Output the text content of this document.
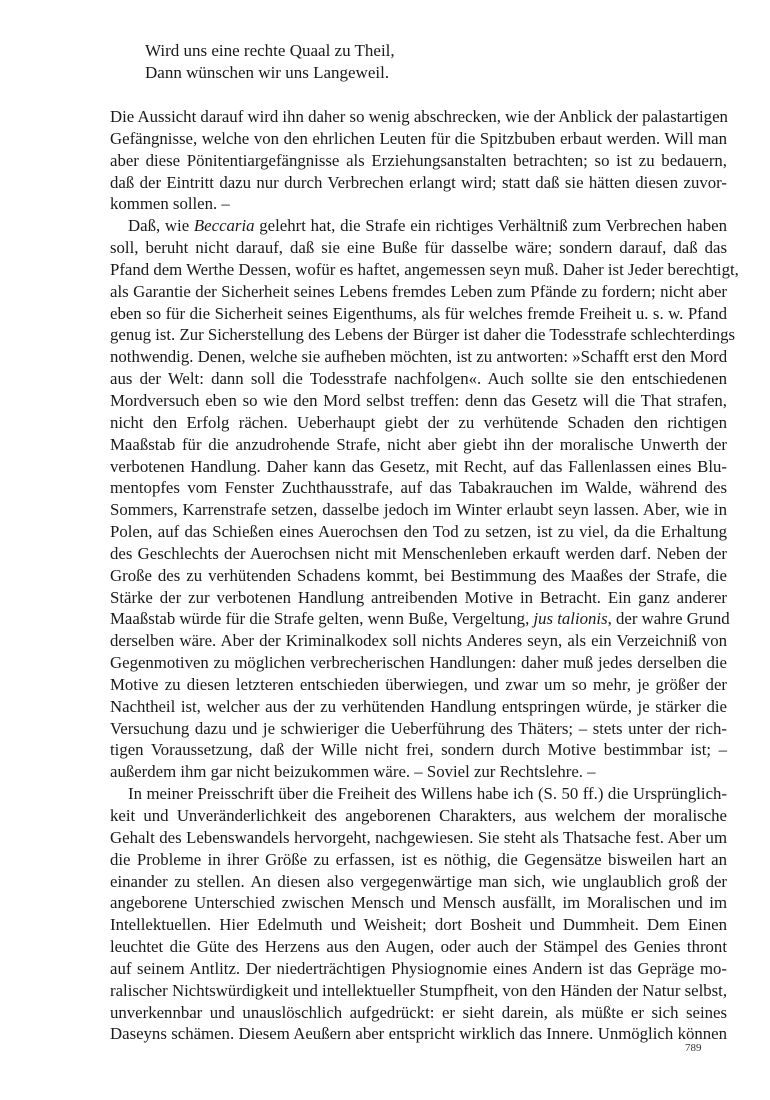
Wird uns eine rechte Quaal zu Theil,
Dann wünschen wir uns Langeweil.
Die Aussicht darauf wird ihn daher so wenig abschrecken, wie der Anblick der palastartigen
Gefängnisse, welche von den ehrlichen Leuten für die Spitzbuben erbaut werden. Will man
aber diese Pönitentiargefängnisse als Erziehungsanstalten betrachten; so ist zu bedauern,
daß der Eintritt dazu nur durch Verbrechen erlangt wird; statt daß sie hätten diesen zuvor-
kommen sollen. –
Daß, wie Beccaria gelehrt hat, die Strafe ein richtiges Verhältniß zum Verbrechen haben
soll, beruht nicht darauf, daß sie eine Buße für dasselbe wäre; sondern darauf, daß das
Pfand dem Werthe Dessen, wofür es haftet, angemessen seyn muß. Daher ist Jeder berechtigt,
als Garantie der Sicherheit seines Lebens fremdes Leben zum Pfände zu fordern; nicht aber
eben so für die Sicherheit seines Eigenthums, als für welches fremde Freiheit u. s. w. Pfand
genug ist. Zur Sicherstellung des Lebens der Bürger ist daher die Todesstrafe schlechterdings
nothwendig. Denen, welche sie aufheben möchten, ist zu antworten: »Schafft erst den Mord
aus der Welt: dann soll die Todesstrafe nachfolgen«. Auch sollte sie den entschiedenen
Mordversuch eben so wie den Mord selbst treffen: denn das Gesetz will die That strafen,
nicht den Erfolg rächen. Ueberhaupt giebt der zu verhütende Schaden den richtigen
Maaßstab für die anzudrohende Strafe, nicht aber giebt ihn der moralische Unwerth der
verbotenen Handlung. Daher kann das Gesetz, mit Recht, auf das Fallenlassen eines Blu-
mentopfes vom Fenster Zuchthausstrafe, auf das Tabakrauchen im Walde, während des
Sommers, Karrenstrafe setzen, dasselbe jedoch im Winter erlaubt seyn lassen. Aber, wie in
Polen, auf das Schießen eines Auerochsen den Tod zu setzen, ist zu viel, da die Erhaltung
des Geschlechts der Auerochsen nicht mit Menschenleben erkauft werden darf. Neben der
Große des zu verhütenden Schadens kommt, bei Bestimmung des Maaßes der Strafe, die
Stärke der zur verbotenen Handlung antreibenden Motive in Betracht. Ein ganz anderer
Maaßstab würde für die Strafe gelten, wenn Buße, Vergeltung, jus talionis, der wahre Grund
derselben wäre. Aber der Kriminalkodex soll nichts Anderes seyn, als ein Verzeichniß von
Gegenmotiven zu möglichen verbrecherischen Handlungen: daher muß jedes derselben die
Motive zu diesen letzteren entschieden überwiegen, und zwar um so mehr, je größer der
Nachtheil ist, welcher aus der zu verhütenden Handlung entspringen würde, je stärker die
Versuchung dazu und je schwieriger die Ueberführung des Thäters; – stets unter der rich-
tigen Voraussetzung, daß der Wille nicht frei, sondern durch Motive bestimmbar ist; –
außerdem ihm gar nicht beizukommen wäre. – Soviel zur Rechtslehre. –
In meiner Preisschrift über die Freiheit des Willens habe ich (S. 50 ff.) die Ursprünglich-
keit und Unveränderlichkeit des angeborenen Charakters, aus welchem der moralische
Gehalt des Lebenswandels hervorgeht, nachgewiesen. Sie steht als Thatsache fest. Aber um
die Probleme in ihrer Größe zu erfassen, ist es nöthig, die Gegensätze bisweilen hart an
einander zu stellen. An diesen also vergegenwärtige man sich, wie unglaublich groß der
angeborene Unterschied zwischen Mensch und Mensch ausfällt, im Moralischen und im
Intellektuellen. Hier Edelmuth und Weisheit; dort Bosheit und Dummheit. Dem Einen
leuchtet die Güte des Herzens aus den Augen, oder auch der Stämpel des Genies thront
auf seinem Antlitz. Der niederträchtigen Physiognomie eines Andern ist das Gepräge mo-
ralischer Nichtswürdigkeit und intellektueller Stumpfheit, von den Händen der Natur selbst,
unverkennbar und unauslöschlich aufgedrückt: er sieht darein, als müßte er sich seines
Daseyns schämen. Diesem Aeußern aber entspricht wirklich das Innere. Unmöglich können
789
